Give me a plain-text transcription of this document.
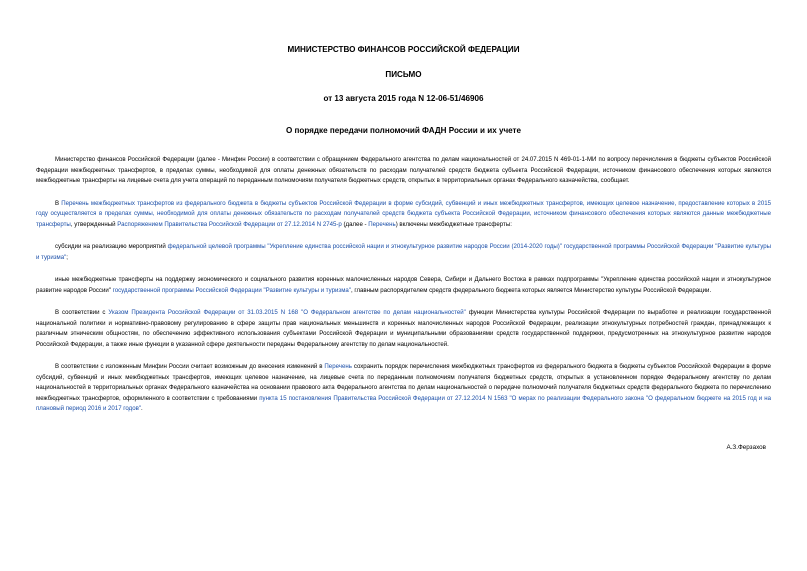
МИНИСТЕРСТВО ФИНАНСОВ РОССИЙСКОЙ ФЕДЕРАЦИИ
ПИСЬМО
от 13 августа 2015 года N 12-06-51/46906
О порядке передачи полномочий ФАДН России и их учете

Министерство финансов Российской Федерации (далее - Минфин России) в соответствии с обращением Федерального агентства по делам национальностей от 24.07.2015 N 469-01-1-МИ по вопросу перечисления в бюджеты субъектов Российской Федерации межбюджетных трансфертов, в пределах суммы, необходимой для оплаты денежных обязательств по расходам получателей средств бюджета субъекта Российской Федерации, источником финансового обеспечения которых являются межбюджетные трансферты на лицевые счета для учета операций по переданным полномочиям получателя бюджетных средств, открытых в территориальных органах Федерального казначейства, сообщает.

В Перечень межбюджетных трансфертов из федерального бюджета в бюджеты субъектов Российской Федерации в форме субсидий, субвенций и иных межбюджетных трансфертов, имеющих целевое назначение, предоставление которых в 2015 году осуществляется в пределах суммы, необходимой для оплаты денежных обязательств по расходам получателей средств бюджета субъекта Российской Федерации, источником финансового обеспечения которых являются данные межбюджетные трансферты, утвержденный Распоряжением Правительства Российской Федерации от 27.12.2014 N 2745-р (далее - Перечень) включены межбюджетные трансферты:

субсидии на реализацию мероприятий федеральной целевой программы "Укрепление единства российской нации и этнокультурное развитие народов России (2014-2020 годы)" государственной программы Российской Федерации "Развитие культуры и туризма";

иные межбюджетные трансферты на поддержку экономического и социального развития коренных малочисленных народов Севера, Сибири и Дальнего Востока в рамках подпрограммы "Укрепление единства российской нации и этнокультурное развитие народов России" государственной программы Российской Федерации "Развитие культуры и туризма", главным распорядителем средств федерального бюджета которых является Министерство культуры Российской Федерации.

В соответствии с Указом Президента Российской Федерации от 31.03.2015 N 168 "О Федеральном агентстве по делам национальностей" функции Министерства культуры Российской Федерации по выработке и реализации государственной национальной политики и нормативно-правовому регулированию в сфере защиты прав национальных меньшинств и коренных малочисленных народов Российской Федерации, реализации этнокультурных потребностей граждан, принадлежащих к различным этническим общностям, по обеспечению эффективного использования субъектами Российской Федерации и муниципальными образованиями средств государственной поддержки, предусмотренных на этнокультурное развитие народов Российской Федерации, а также иные функции в указанной сфере деятельности переданы Федеральному агентству по делам национальностей.

В соответствии с изложенным Минфин России считает возможным до внесения изменений в Перечень сохранить порядок перечисления межбюджетных трансфертов из федерального бюджета в бюджеты субъектов Российской Федерации в форме субсидий, субвенций и иных межбюджетных трансфертов, имеющих целевое назначение, на лицевые счета по переданным полномочиям получателя бюджетных средств, открытых в установленном порядке Федеральному агентству по делам национальностей в территориальных органах Федерального казначейства на основании правового акта Федерального агентства по делам национальностей о передаче полномочий получателя бюджетных средств федерального бюджета по перечислению межбюджетных трансфертов, оформленного в соответствии с требованиями пункта 15 постановления Правительства Российской Федерации от 27.12.2014 N 1563 "О мерах по реализации Федерального закона "О федеральном бюджете на 2015 год и на плановый период 2016 и 2017 годов".

А.З.Ферзахов
